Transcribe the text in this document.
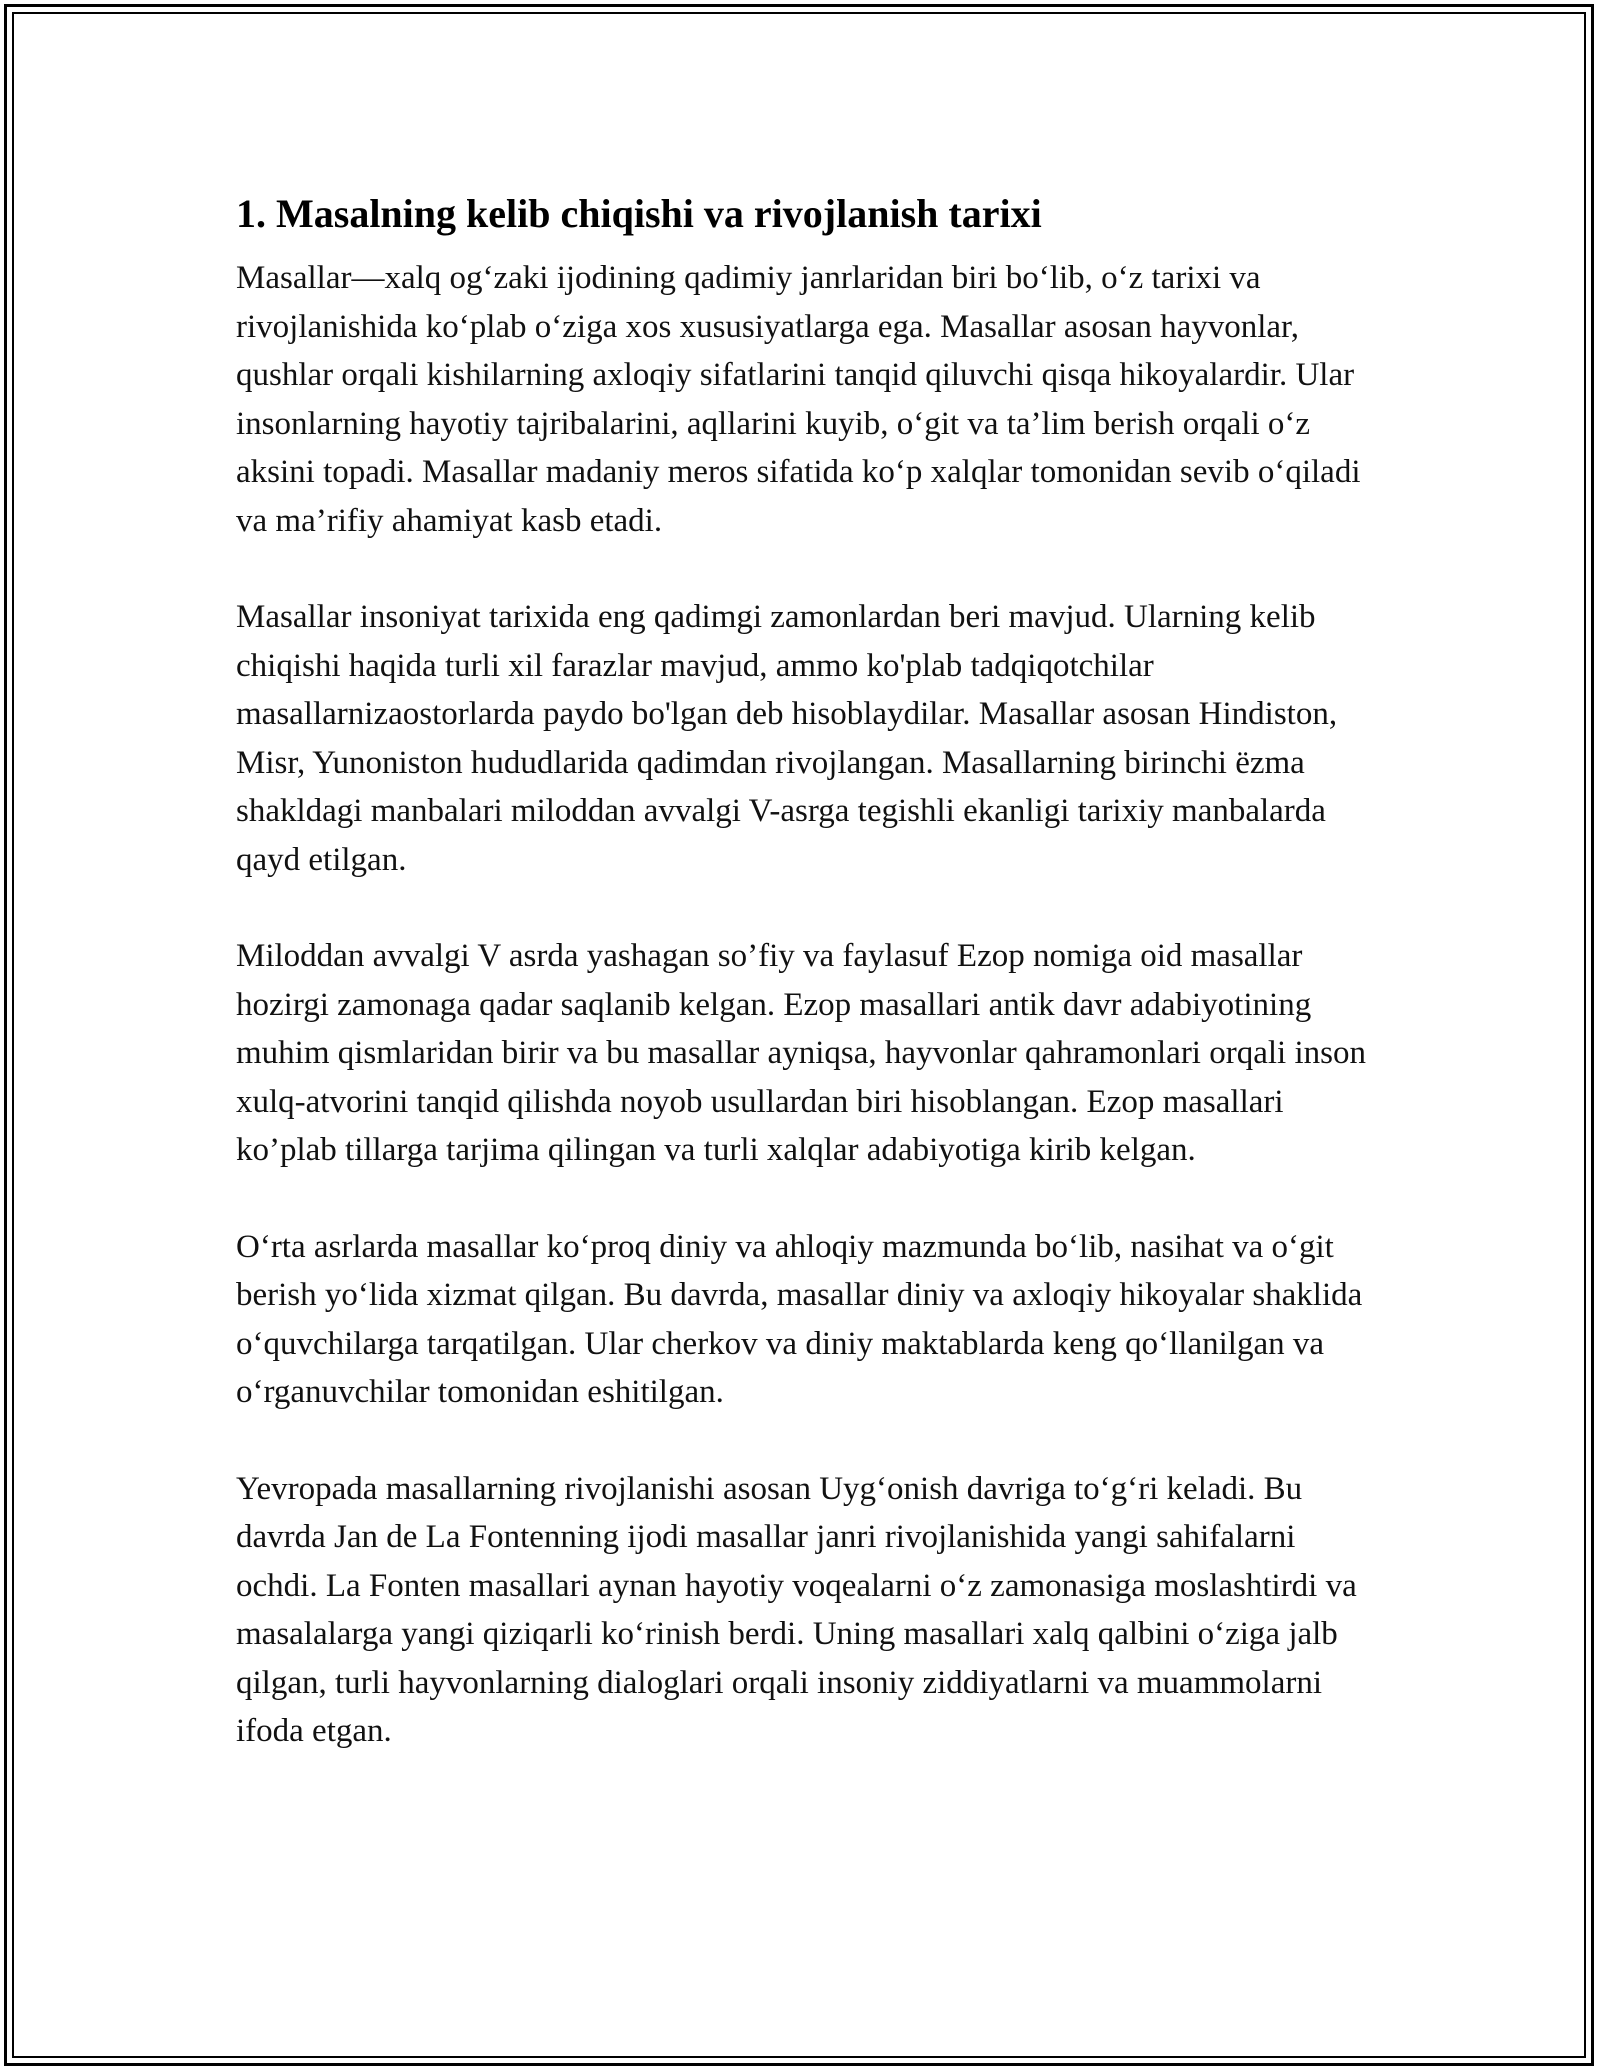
1. Masalning kelib chiqishi va rivojlanish tarixi

Masallar—xalq og‘zaki ijodining qadimiy janrlaridan biri bo‘lib, o‘z tarixi va rivojlanishida ko‘plab o‘ziga xos xususiyatlarga ega. Masallar asosan hayvonlar, qushlar orqali kishilarning axloqiy sifatlarini tanqid qiluvchi qisqa hikoyalardir. Ular insonlarning hayotiy tajribalarini, aqllarini kuyib, o‘git va ta’lim berish orqali o‘z aksini topadi. Masallar madaniy meros sifatida ko‘p xalqlar tomonidan sevib o‘qiladi va ma’rifiy ahamiyat kasb etadi.

Masallar insoniyat tarixida eng qadimgi zamonlardan beri mavjud. Ularning kelib chiqishi haqida turli xil farazlar mavjud, ammo ko'plab tadqiqotchilar masallarnizaostorlarda paydo bo'lgan deb hisoblaydilar. Masallar asosan Hindiston, Misr, Yunoniston hududlarida qadimdan rivojlangan. Masallarning birinchi ëzma shakldagi manbalari miloddan avvalgi V-asrga tegishli ekanligi tarixiy manbalarda qayd etilgan.

Miloddan avvalgi V asrda yashagan so’fiy va faylasuf Ezop nomiga oid masallar hozirgi zamonaga qadar saqlanib kelgan. Ezop masallari antik davr adabiyotining muhim qismlaridan birir va bu masallar ayniqsa, hayvonlar qahramonlari orqali inson xulq-atvorini tanqid qilishda noyob usullardan biri hisoblangan. Ezop masallari ko’plab tillarga tarjima qilingan va turli xalqlar adabiyotiga kirib kelgan.

O‘rta asrlarda masallar ko‘proq diniy va ahloqiy mazmunda bo‘lib, nasihat va o‘git berish yo‘lida xizmat qilgan. Bu davrda, masallar diniy va axloqiy hikoyalar shaklida o‘quvchilarga tarqatilgan. Ular cherkov va diniy maktablarda keng qo‘llanilgan va o‘rganuvchilar tomonidan eshitilgan.

Yevropada masallarning rivojlanishi asosan Uyg‘onish davriga to‘g‘ri keladi. Bu davrda Jan de La Fontenning ijodi masallar janri rivojlanishida yangi sahifalarni ochdi. La Fonten masallari aynan hayotiy voqealarni o‘z zamonasiga moslashtirdi va masalalarga yangi qiziqarli ko‘rinish berdi. Uning masallari xalq qalbini o‘ziga jalb qilgan, turli hayvonlarning dialoglari orqali insoniy ziddiyatlarni va muammolarni ifoda etgan.
